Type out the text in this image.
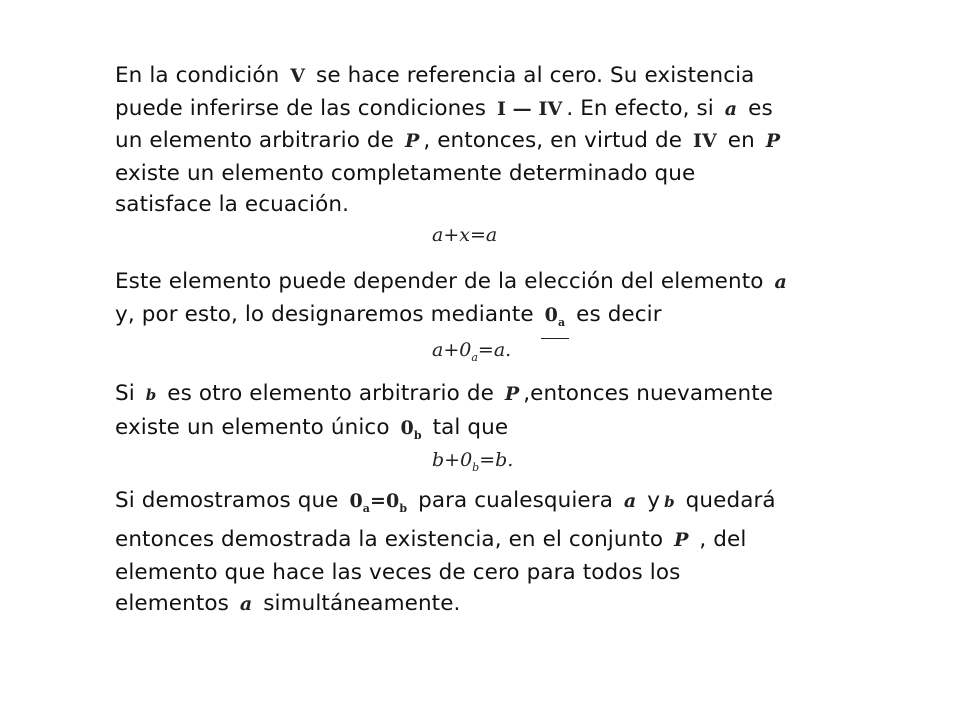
En la condición V se hace referencia al cero. Su existencia
puede inferirse de las condiciones I — IV . En efecto, si a es
un elemento arbitrario de P , entonces, en virtud de IV en P
existe un elemento completamente determinado que
satisface la ecuación.
a+x=a
Este elemento puede depender de la elección del elemento a
y, por esto, lo designaremos mediante $0_a$ es decir
$a+0_a=a$.
Si b es otro elemento arbitrario de P ,entonces nuevamente
existe un elemento único $0_b$ tal que
$b+0_b=b$.
Si demostramos que $0_a=0_b$ para cualesquiera a y b quedará
entonces demostrada la existencia, en el conjunto P , del
elemento que hace las veces de cero para todos los
elementos a simultáneamente.
